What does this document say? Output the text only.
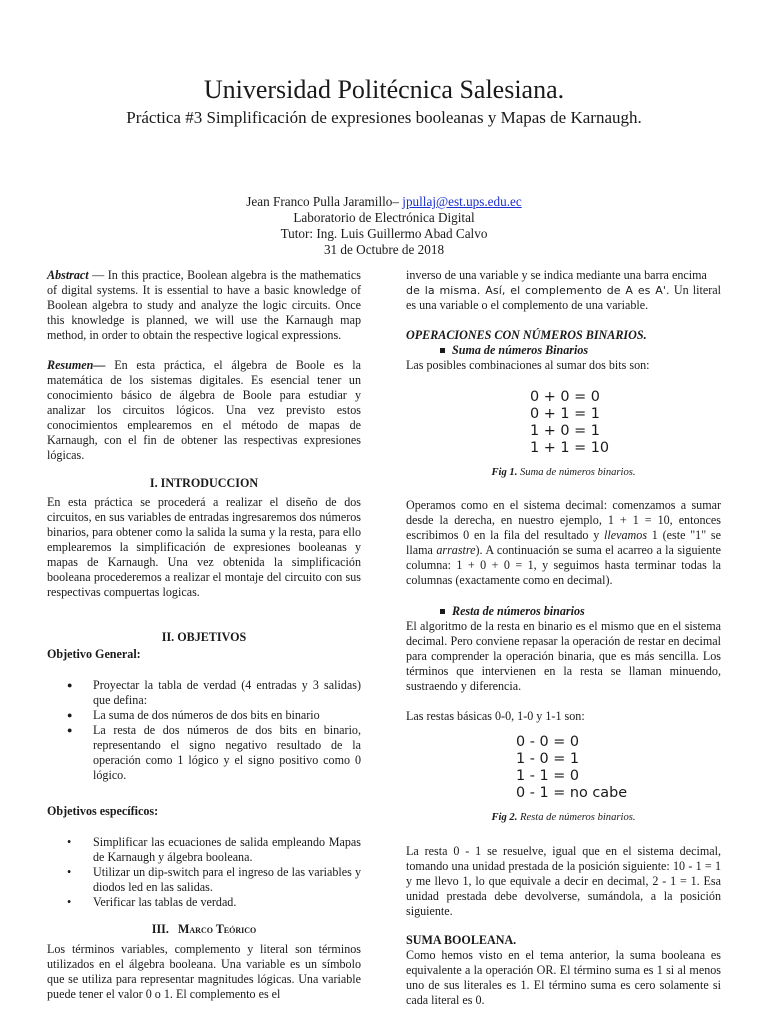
Universidad Politécnica Salesiana.
Práctica #3 Simplificación de expresiones booleanas y Mapas de Karnaugh.
Jean Franco Pulla Jaramillo– jpullaj@est.ups.edu.ec
Laboratorio de Electrónica Digital
Tutor: Ing. Luis Guillermo Abad Calvo
31 de Octubre de 2018

Abstract — In this practice, Boolean algebra is the mathematics of digital systems. It is essential to have a basic knowledge of Boolean algebra to study and analyze the logic circuits. Once this knowledge is planned, we will use the Karnaugh map method, in order to obtain the respective logical expressions.

Resumen— En esta práctica, el álgebra de Boole es la matemática de los sistemas digitales. Es esencial tener un conocimiento básico de álgebra de Boole para estudiar y analizar los circuitos lógicos. Una vez previsto estos conocimientos emplearemos en el método de mapas de Karnaugh, con el fin de obtener las respectivas expresiones lógicas.

I. INTRODUCCION

En esta práctica se procederá a realizar el diseño de dos circuitos, en sus variables de entradas ingresaremos dos números binarios, para obtener como la salida la suma y la resta, para ello emplearemos la simplificación de expresiones booleanas y mapas de Karnaugh. Una vez obtenida la simplificación booleana procederemos a realizar el montaje del circuito con sus respectivas compuertas logicas.

II. OBJETIVOS
Objetivo General:
● Proyectar la tabla de verdad (4 entradas y 3 salidas) que defina:
● La suma de dos números de dos bits en binario
● La resta de dos números de dos bits en binario, representando el signo negativo resultado de la operación como 1 lógico y el signo positivo como 0 lógico.
Objetivos específicos:
• Simplificar las ecuaciones de salida empleando Mapas de Karnaugh y álgebra booleana.
• Utilizar un dip-switch para el ingreso de las variables y diodos led en las salidas.
• Verificar las tablas de verdad.
III. Marco Teórico

Los términos variables, complemento y literal son términos utilizados en el álgebra booleana. Una variable es un símbolo que se utiliza para representar magnitudes lógicas. Una variable puede tener el valor 0 o 1. El complemento es el

inverso de una variable y se indica mediante una barra encima
de la misma. Así, el complemento de A es A'. Un literal es una variable o el complemento de una variable.

OPERACIONES CON NÚMEROS BINARIOS.
Suma de números Binarios

Las posibles combinaciones al sumar dos bits son:

0 + 0 = 0
0 + 1 = 1
1 + 0 = 1
1 + 1 = 10
Fig 1. Suma de números binarios.

Operamos como en el sistema decimal: comenzamos a sumar desde la derecha, en nuestro ejemplo, 1 + 1 = 10, entonces escribimos 0 en la fila del resultado y llevamos 1 (este "1" se llama arrastre). A continuación se suma el acarreo a la siguiente columna: 1 + 0 + 0 = 1, y seguimos hasta terminar todas la columnas (exactamente como en decimal).

Resta de números binarios

El algoritmo de la resta en binario es el mismo que en el sistema decimal. Pero conviene repasar la operación de restar en decimal para comprender la operación binaria, que es más sencilla. Los términos que intervienen en la resta se llaman minuendo, sustraendo y diferencia.

Las restas básicas 0-0, 1-0 y 1-1 son:

0 - 0 = 0
1 - 0 = 1
1 - 1 = 0
0 - 1 = no cabe
Fig 2. Resta de números binarios.

La resta 0 - 1 se resuelve, igual que en el sistema decimal, tomando una unidad prestada de la posición siguiente: 10 - 1 = 1 y me llevo 1, lo que equivale a decir en decimal, 2 - 1 = 1. Esa unidad prestada debe devolverse, sumándola, a la posición siguiente.

SUMA BOOLEANA.

Como hemos visto en el tema anterior, la suma booleana es equivalente a la operación OR. El término suma es 1 si al menos uno de sus literales es 1. El término suma es cero solamente si cada literal es 0.
